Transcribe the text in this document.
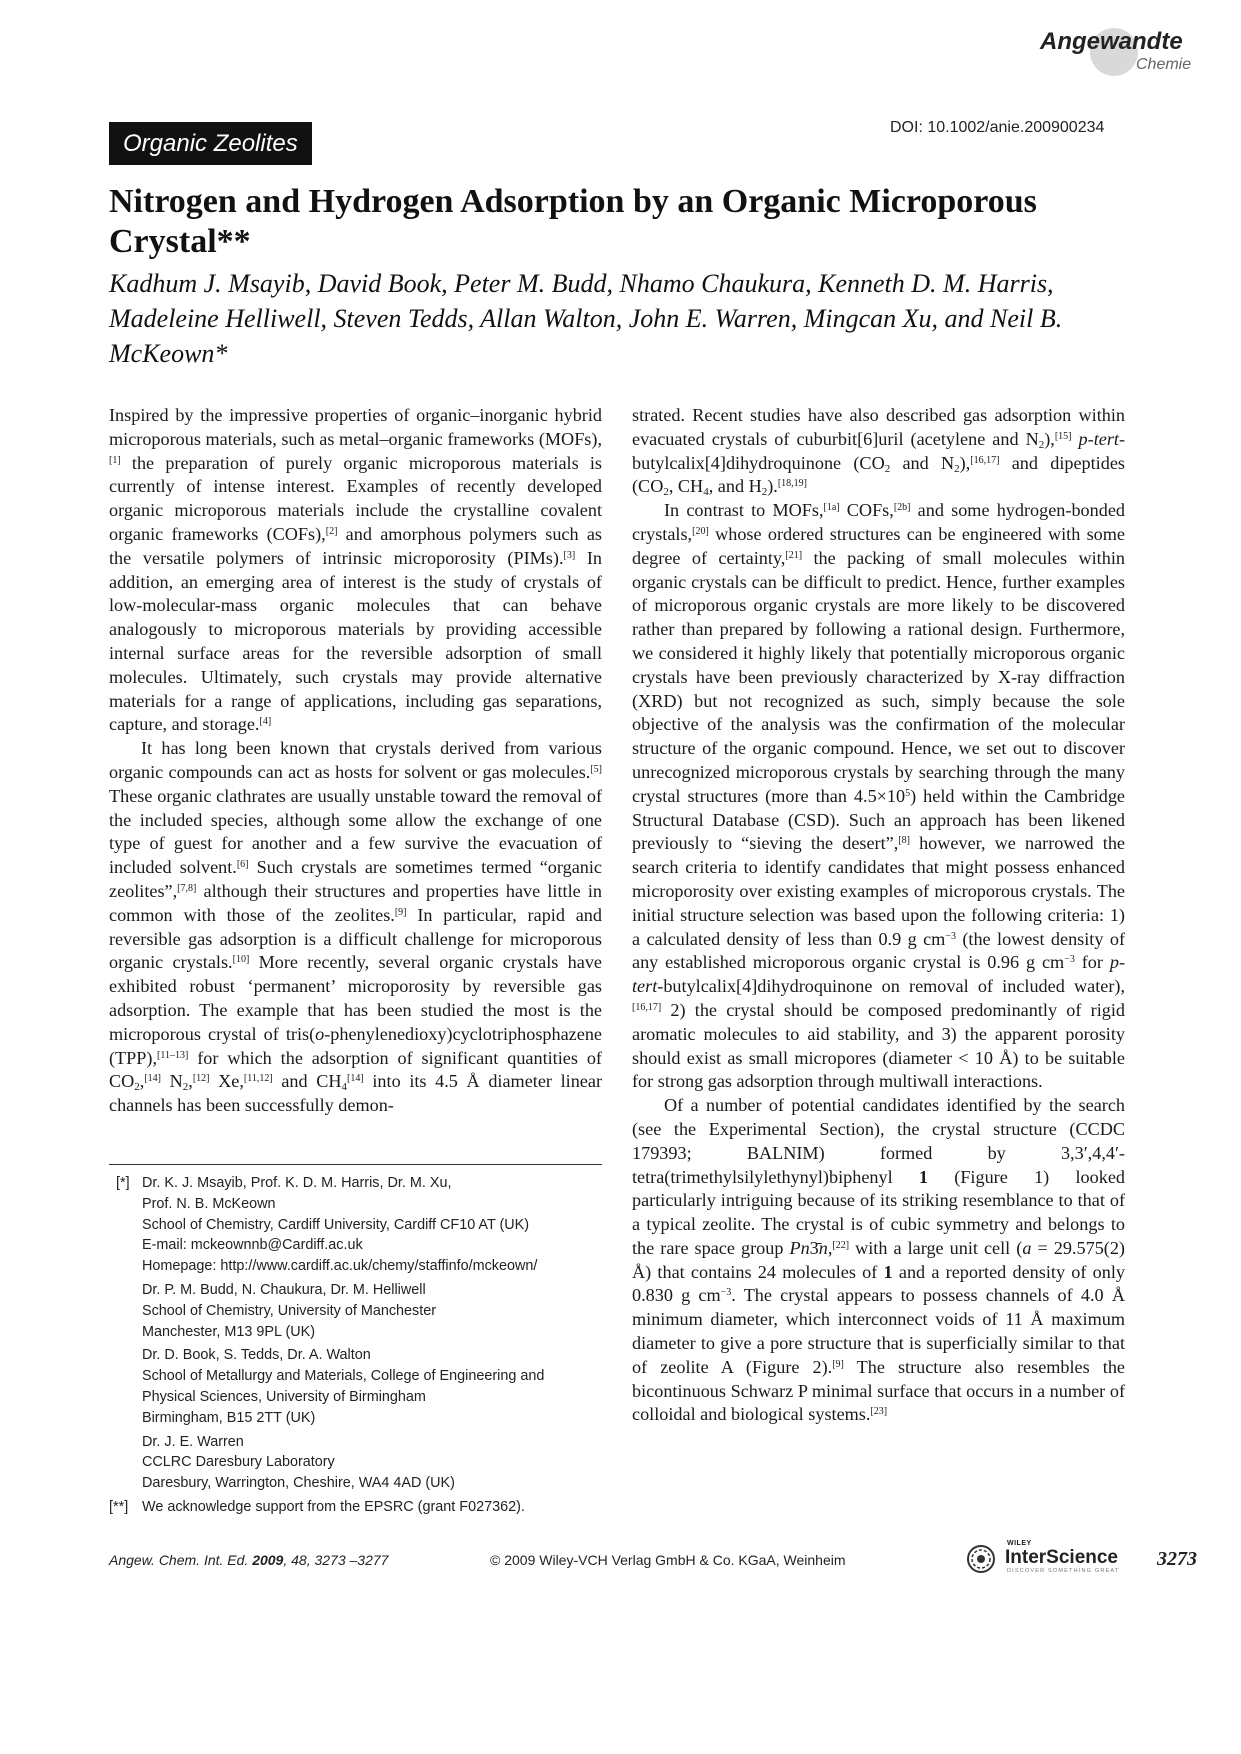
Angewandte
Chemie
Organic Zeolites
DOI: 10.1002/anie.200900234
Nitrogen and Hydrogen Adsorption by an Organic Microporous Crystal**
Kadhum J. Msayib, David Book, Peter M. Budd, Nhamo Chaukura, Kenneth D. M. Harris, Madeleine Helliwell, Steven Tedds, Allan Walton, John E. Warren, Mingcan Xu, and Neil B. McKeown*

Inspired by the impressive properties of organic–inorganic hybrid microporous materials, such as metal–organic frameworks (MOFs),[1] the preparation of purely organic microporous materials is currently of intense interest. Examples of recently developed organic microporous materials include the crystalline covalent organic frameworks (COFs),[2] and amorphous polymers such as the versatile polymers of intrinsic microporosity (PIMs).[3] In addition, an emerging area of interest is the study of crystals of low-molecular-mass organic molecules that can behave analogously to microporous materials by providing accessible internal surface areas for the reversible adsorption of small molecules. Ultimately, such crystals may provide alternative materials for a range of applications, including gas separations, capture, and storage.[4]

It has long been known that crystals derived from various organic compounds can act as hosts for solvent or gas molecules.[5] These organic clathrates are usually unstable toward the removal of the included species, although some allow the exchange of one type of guest for another and a few survive the evacuation of included solvent.[6] Such crystals are sometimes termed “organic zeolites”,[7,8] although their structures and properties have little in common with those of the zeolites.[9] In particular, rapid and reversible gas adsorption is a difficult challenge for microporous organic crystals.[10] More recently, several organic crystals have exhibited robust ‘permanent’ microporosity by reversible gas adsorption. The example that has been studied the most is the microporous crystal of tris(o-phenylenedioxy)cyclotriphosphazene (TPP),[11–13] for which the adsorption of significant quantities of $CO_2,[14]$ $N_2,[12]$ Xe,[11,12] and $CH_4[14]$ into its 4.5 Å diameter linear channels has been successfully demon-

strated. Recent studies have also described gas adsorption within evacuated crystals of cuburbit[6]uril (acetylene and $N_2),[15]$ p-tert-butylcalix[4]dihydroquinone ($CO_2$ and $N_2),[16,17]$ and dipeptides ($CO_2$, $CH_4$, and $H_2).[18,19]$

In contrast to MOFs,[1a] COFs,[2b] and some hydrogen-bonded crystals,[20] whose ordered structures can be engineered with some degree of certainty,[21] the packing of small molecules within organic crystals can be difficult to predict. Hence, further examples of microporous organic crystals are more likely to be discovered rather than prepared by following a rational design. Furthermore, we considered it highly likely that potentially microporous organic crystals have been previously characterized by X-ray diffraction (XRD) but not recognized as such, simply because the sole objective of the analysis was the confirmation of the molecular structure of the organic compound. Hence, we set out to discover unrecognized microporous crystals by searching through the many crystal structures (more than $4.5\times 10^5$) held within the Cambridge Structural Database (CSD). Such an approach has been likened previously to “sieving the desert”,[8] however, we narrowed the search criteria to identify candidates that might possess enhanced microporosity over existing examples of microporous crystals. The initial structure selection was based upon the following criteria: 1) a calculated density of less than 0.9 g $cm^{-3}$ (the lowest density of any established microporous organic crystal is 0.96 g $cm^{-3}$ for p-tert-butylcalix[4]dihydroquinone on removal of included water),[16,17] 2) the crystal should be composed predominantly of rigid aromatic molecules to aid stability, and 3) the apparent porosity should exist as small micropores (diameter < 10 Å) to be suitable for strong gas adsorption through multiwall interactions.

Of a number of potential candidates identified by the search (see the Experimental Section), the crystal structure (CCDC 179393; BALNIM) formed by 3,3′,4,4′-tetra(trimethylsilylethynyl)biphenyl 1 (Figure 1) looked particularly intriguing because of its striking resemblance to that of a typical zeolite. The crystal is of cubic symmetry and belongs to the rare space group Pn3̄n,[22] with a large unit cell (a = 29.575(2) Å) that contains 24 molecules of 1 and a reported density of only 0.830 g $cm^{-3}$. The crystal appears to possess channels of 4.0 Å minimum diameter, which interconnect voids of 11 Å maximum diameter to give a pore structure that is superficially similar to that of zeolite A (Figure 2).[9] The structure also resembles the bicontinuous Schwarz P minimal surface that occurs in a number of colloidal and biological systems.[23]

[*] Dr. K. J. Msayib, Prof. K. D. M. Harris, Dr. M. Xu,
Prof. N. B. McKeown
School of Chemistry, Cardiff University, Cardiff CF10 AT (UK)
E-mail: mckeownnb@Cardiff.ac.uk
Homepage: http://www.cardiff.ac.uk/chemy/staffinfo/mckeown/
Dr. P. M. Budd, N. Chaukura, Dr. M. Helliwell
School of Chemistry, University of Manchester
Manchester, M13 9PL (UK)
Dr. D. Book, S. Tedds, Dr. A. Walton
School of Metallurgy and Materials, College of Engineering and
Physical Sciences, University of Birmingham
Birmingham, B15 2TT (UK)
Dr. J. E. Warren
CCLRC Daresbury Laboratory
Daresbury, Warrington, Cheshire, WA4 4AD (UK)
[**] We acknowledge support from the EPSRC (grant F027362).
Angew. Chem. Int. Ed. 2009, 48, 3273 –3277	© 2009 Wiley-VCH Verlag GmbH & Co. KGaA, Weinheim
WILEY
InterScience
DISCOVER SOMETHING GREAT
3273
